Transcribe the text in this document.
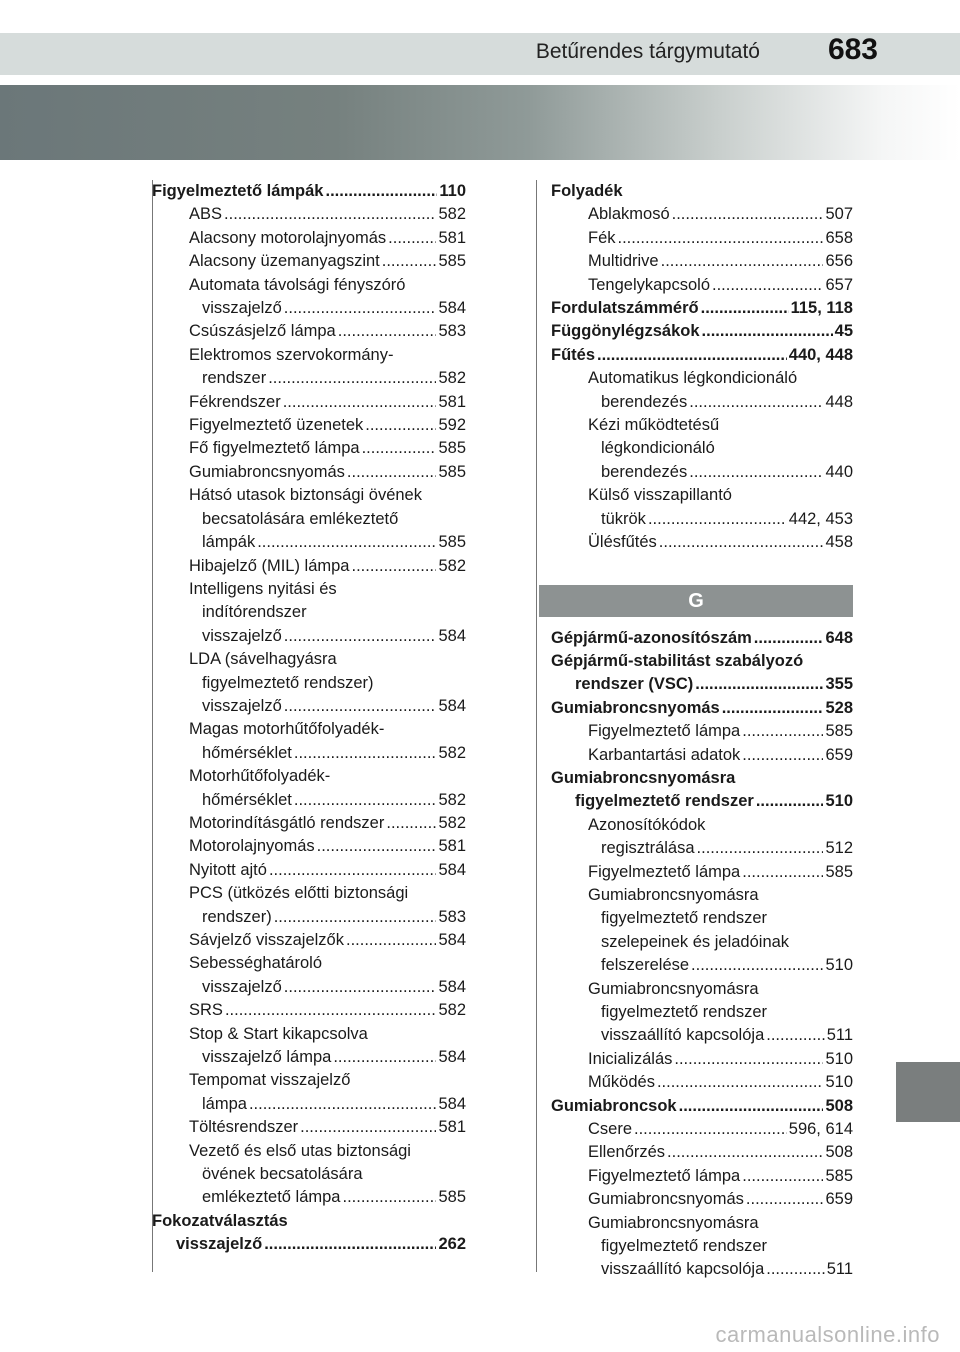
Betűrendes tárgymutató 683
Figyelmeztető lámpák .....	110
ABS .....	582
Alacsony motorolajnyomás .....	581
Alacsony üzemanyagszint .....	585
Automata távolsági fényszóró
visszajelző .....	584
Csúszásjelző lámpa .....	583
Elektromos szervokormány-
rendszer .....	582
Fékrendszer .....	581
Figyelmeztető üzenetek .....	592
Fő figyelmeztető lámpa .....	585
Gumiabroncsnyomás .....	585
Hátsó utasok biztonsági övének
becsatolására emlékeztető
lámpák .....	585
Hibajelző (MIL) lámpa .....	582
Intelligens nyitási és
indítórendszer
visszajelző .....	584
LDA (sávelhagyásra
figyelmeztető rendszer)
visszajelző .....	584
Magas motorhűtőfolyadék-
hőmérséklet .....	582
Motorhűtőfolyadék-
hőmérséklet .....	582
Motorindításgátló rendszer .....	582
Motorolajnyomás .....	581
Nyitott ajtó .....	584
PCS (ütközés előtti biztonsági
rendszer) .....	583
Sávjelző visszajelzők .....	584
Sebességhatároló
visszajelző .....	584
SRS .....	582
Stop & Start kikapcsolva
visszajelző lámpa .....	584
Tempomat visszajelző
lámpa .....	584
Töltésrendszer .....	581
Vezető és első utas biztonsági
övének becsatolására
emlékeztető lámpa .....	585
Fokozatválasztás
visszajelző .....	262
Folyadék
Ablakmosó .....	507
Fék .....	658
Multidrive .....	656
Tengelykapcsoló .....	657
Fordulatszámmérő .....	115, 118
Függönylégzsákok .....	45
Fűtés .....	440, 448
Automatikus légkondicionáló
berendezés .....	448
Kézi működtetésű
légkondicionáló
berendezés .....	440
Külső visszapillantó
tükrök .....	442, 453
Ülésfűtés .....	458
G
Gépjármű-azonosítószám .....	648
Gépjármű-stabilitást szabályozó
rendszer (VSC) .....	355
Gumiabroncsnyomás .....	528
Figyelmeztető lámpa .....	585
Karbantartási adatok .....	659
Gumiabroncsnyomásra
figyelmeztető rendszer .....	510
Azonosítókódok
regisztrálása .....	512
Figyelmeztető lámpa .....	585
Gumiabroncsnyomásra
figyelmeztető rendszer
szelepeinek és jeladóinak
felszerelése .....	510
Gumiabroncsnyomásra
figyelmeztető rendszer
visszaállító kapcsolója .....	511
Inicializálás .....	510
Működés .....	510
Gumiabroncsok .....	508
Csere .....	596, 614
Ellenőrzés .....	508
Figyelmeztető lámpa .....	585
Gumiabroncsnyomás .....	659
Gumiabroncsnyomásra
figyelmeztető rendszer
visszaállító kapcsolója .....	511
carmanualsonline.info
